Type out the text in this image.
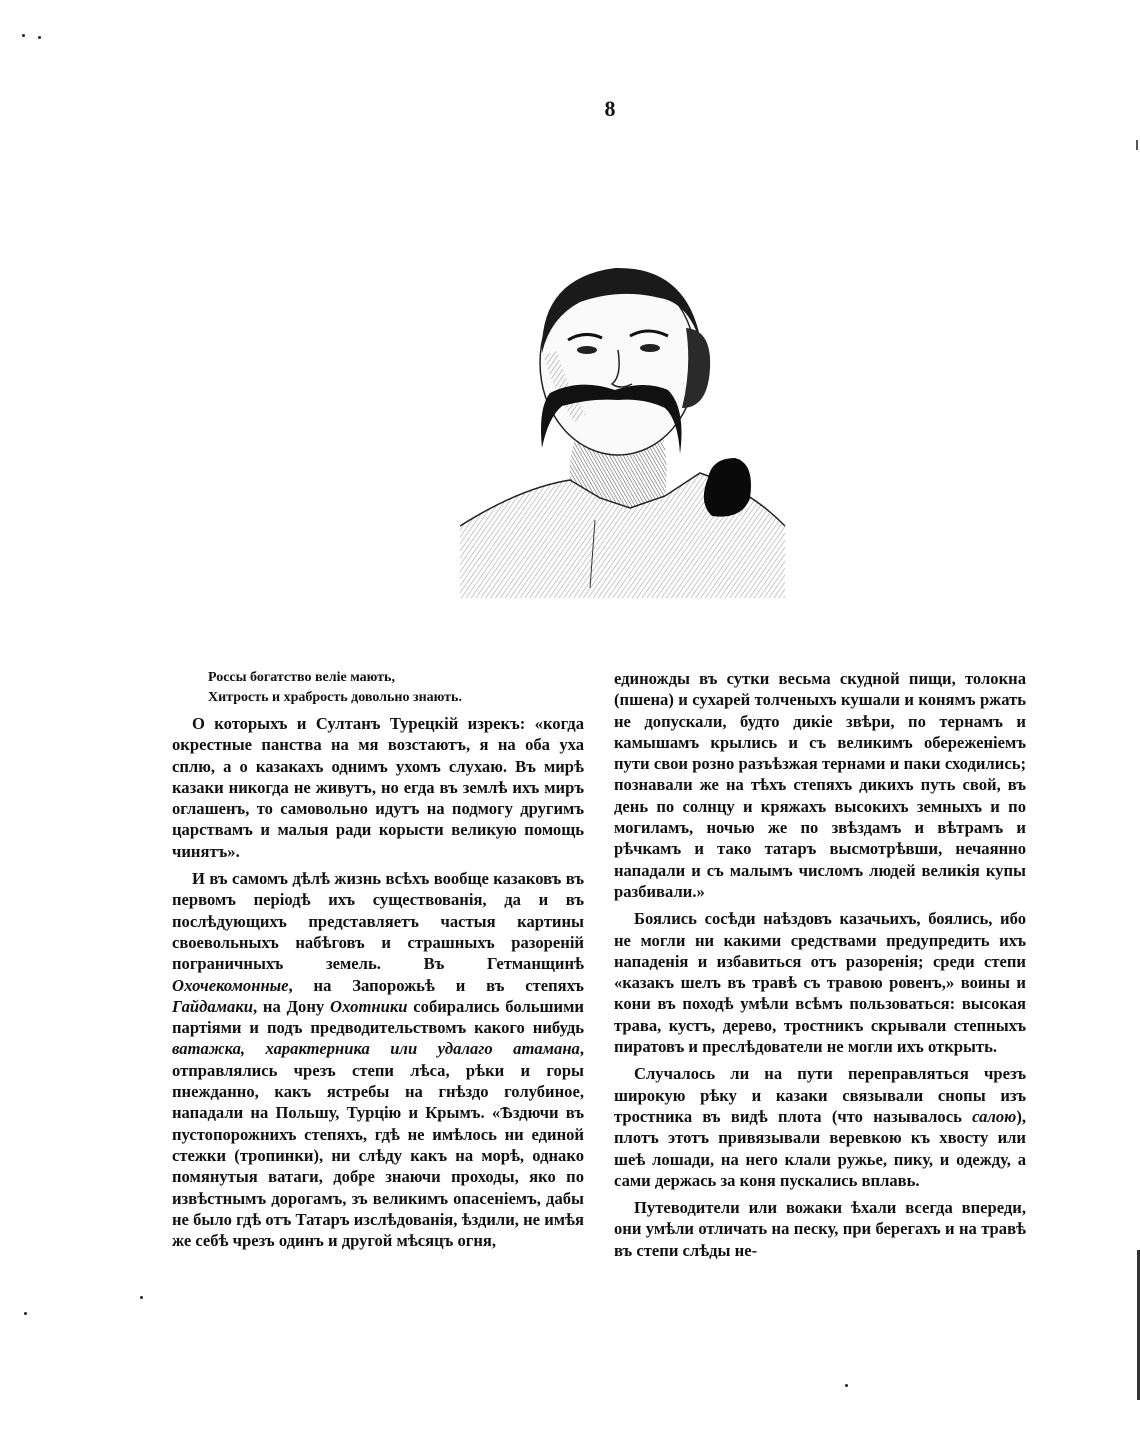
8
Россы богатство веліе мають,
Хитрость и храбрость довольно знають.

О которыхъ и Султанъ Турецкій изрекъ: «когда окрестные панства на мя возстаютъ, я на оба уха сплю, а о казакахъ однимъ ухомъ слухаю. Въ мирѣ казаки никогда не живутъ, но егда въ землѣ ихъ миръ оглашенъ, то самовольно идутъ на подмогу другимъ царствамъ и малыя ради корысти великую помощь чинятъ».

И въ самомъ дѣлѣ жизнь всѣхъ вообще казаковъ въ первомъ періодѣ ихъ существованія, да и въ послѣдующихъ представляетъ частыя картины своевольныхъ набѣговъ и страшныхъ разореній пограничныхъ земель. Въ Гетманщинѣ Охочекомонные, на Запорожьѣ и въ степяхъ Гайдамаки, на Дону Охотники собирались большими партіями и подъ предводительствомъ какого нибудь ватажка, характерника или удалаго атамана, отправлялись чрезъ степи лѣса, рѣки и горы пнежданно, какъ ястребы на гнѣздо голубиное, нападали на Польшу, Турцію и Крымъ. «Ѣздючи въ пустопорожнихъ степяхъ, гдѣ не имѣлось ни единой стежки (тропинки), ни слѣду какъ на морѣ, однако помянутыя ватаги, добре знаючи проходы, яко по извѣстнымъ дорогамъ, зъ великимъ опасеніемъ, дабы не было гдѣ отъ Татаръ изслѣдованія, ѣздили, не имѣя же себѣ чрезъ одинъ и другой мѣсяцъ огня,

единожды въ сутки весьма скудной пищи, толокна (пшена) и сухарей толченыхъ кушали и конямъ ржать не допускали, будто дикіе звѣри, по тернамъ и камышамъ крылись и съ великимъ обереженіемъ пути свои розно разъѣзжая тернами и паки сходились; познавали же на тѣхъ степяхъ дикихъ путь свой, въ день по солнцу и кряжахъ высокихъ земныхъ и по могиламъ, ночью же по звѣздамъ и вѣтрамъ и рѣчкамъ и тако татаръ высмотрѣвши, нечаянно нападали и съ малымъ числомъ людей великія купы разбивали.»

Боялись сосѣди наѣздовъ казачьихъ, боялись, ибо не могли ни какими средствами предупредить ихъ нападенія и избавиться отъ разоренія; среди степи «казакъ шелъ въ травѣ съ травою ровенъ,» воины и кони въ походѣ умѣли всѣмъ пользоваться: высокая трава, кустъ, дерево, тростникъ скрывали степныхъ пиратовъ и преслѣдователи не могли ихъ открыть.

Случалось ли на пути переправляться чрезъ широкую рѣку и казаки связывали снопы изъ тростника въ видѣ плота (что называлось салою), плотъ этотъ привязывали веревкою къ хвосту или шеѣ лошади, на него клали ружье, пику, и одежду, а сами держась за коня пускались вплавь.

Путеводители или вожаки ѣхали всегда впереди, они умѣли отличать на песку, при берегахъ и на травѣ въ степи слѣды не-
